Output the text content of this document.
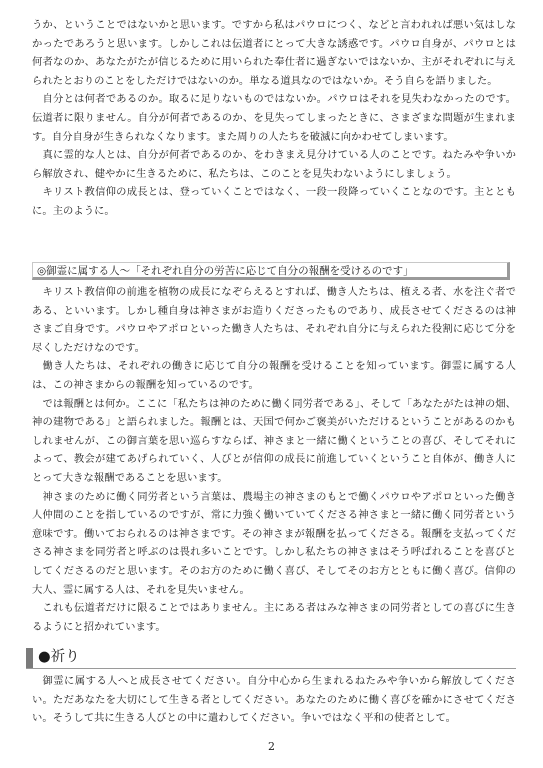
うか、ということではないかと思います。ですから私はパウロにつく、などと言われれば悪い気はしなかったであろうと思います。しかしこれは伝道者にとって大きな誘惑です。パウロ自身が、パウロとは何者なのか、あなたがたが信じるために用いられた奉仕者に過ぎないではないか、主がそれぞれに与えられたとおりのことをしただけではないのか。単なる道具なのではないか。そう自らを語りました。

自分とは何者であるのか。取るに足りないものではないか。パウロはそれを見失わなかったのです。伝道者に限りません。自分が何者であるのか、を見失ってしまったときに、さまざまな問題が生まれます。自分自身が生きられなくなります。また周りの人たちを破滅に向かわせてしまいます。

真に霊的な人とは、自分が何者であるのか、をわきまえ見分けている人のことです。ねたみや争いから解放され、健やかに生きるために、私たちは、このことを見失わないようにしましょう。

キリスト教信仰の成長とは、登っていくことではなく、一段一段降っていくことなのです。主とともに。主のように。

◎御霊に属する人～「それぞれ自分の労苦に応じて自分の報酬を受けるのです」

キリスト教信仰の前進を植物の成長になぞらえるとすれば、働き人たちは、植える者、水を注ぐ者である、といいます。しかし種自身は神さまがお造りくださったものであり、成長させてくださるのは神さまご自身です。パウロやアポロといった働き人たちは、それぞれ自分に与えられた役割に応じて分を尽くしただけなのです。

働き人たちは、それぞれの働きに応じて自分の報酬を受けることを知っています。御霊に属する人は、この神さまからの報酬を知っているのです。

では報酬とは何か。ここに「私たちは神のために働く同労者である」、そして「あなたがたは神の畑、神の建物である」と語られました。報酬とは、天国で何かご褒美がいただけるということがあるのかもしれませんが、この御言葉を思い巡らすならば、神さまと一緒に働くということの喜び、そしてそれによって、教会が建てあげられていく、人びとが信仰の成長に前進していくということ自体が、働き人にとって大きな報酬であることを思います。

神さまのために働く同労者という言葉は、農場主の神さまのもとで働くパウロやアポロといった働き人仲間のことを指しているのですが、常に力強く働いていてくださる神さまと一緒に働く同労者という意味です。働いておられるのは神さまです。その神さまが報酬を払ってくださる。報酬を支払ってくださる神さまを同労者と呼ぶのは畏れ多いことです。しかし私たちの神さまはそう呼ばれることを喜びとしてくださるのだと思います。そのお方のために働く喜び、そしてそのお方とともに働く喜び。信仰の大人、霊に属する人は、それを見失いません。

これも伝道者だけに限ることではありません。主にある者はみな神さまの同労者としての喜びに生きるようにと招かれています。

●祈り

御霊に属する人へと成長させてください。自分中心から生まれるねたみや争いから解放してください。ただあなたを大切にして生きる者としてください。あなたのために働く喜びを確かにさせてください。そうして共に生きる人びとの中に遣わしてください。争いではなく平和の使者として。

2
